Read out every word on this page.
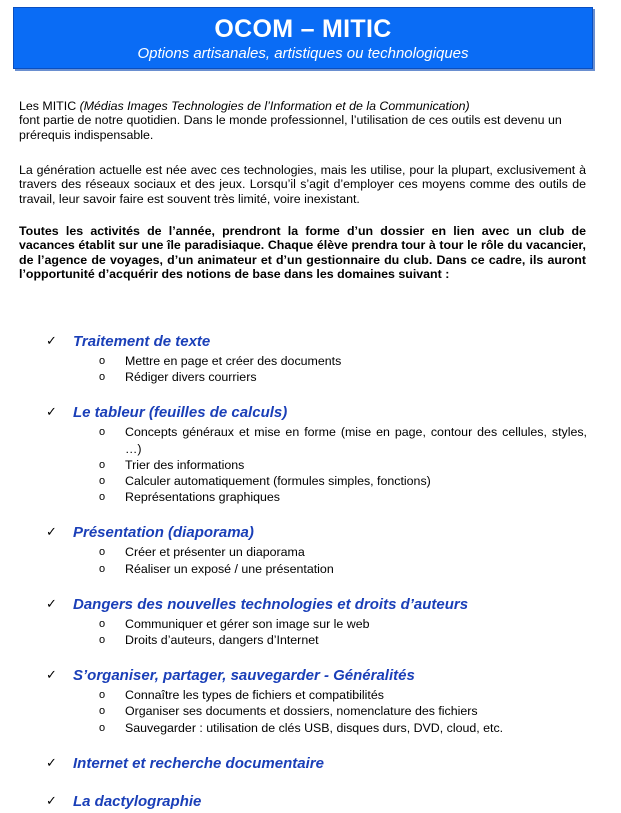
OCOM – MITIC
Options artisanales, artistiques ou technologiques
Les MITIC (Médias Images Technologies de l’Information et de la Communication)
font partie de notre quotidien. Dans le monde professionnel, l’utilisation de ces outils est devenu un prérequis indispensable.
La génération actuelle est née avec ces technologies, mais les utilise, pour la plupart, exclusivement à travers des réseaux sociaux et des jeux. Lorsqu’il s’agit d’employer ces moyens comme des outils de travail, leur savoir faire est souvent très limité, voire inexistant.
Toutes les activités de l’année, prendront la forme d’un dossier en lien avec un club de vacances établit sur une île paradisiaque. Chaque élève prendra tour à tour le rôle du vacancier, de l’agence de voyages, d’un animateur et d’un gestionnaire du club. Dans ce cadre, ils auront l’opportunité d’acquérir des notions de base dans les domaines suivant :
✓ Traitement de texte
o Mettre en page et créer des documents
o Rédiger divers courriers
✓ Le tableur (feuilles de calculs)
o Concepts généraux et mise en forme (mise en page, contour des cellules, styles, …)
o Trier des informations
o Calculer automatiquement (formules simples, fonctions)
o Représentations graphiques
✓ Présentation (diaporama)
o Créer et présenter un diaporama
o Réaliser un exposé / une présentation
✓ Dangers des nouvelles technologies et droits d’auteurs
o Communiquer et gérer son image sur le web
o Droits d’auteurs, dangers d’Internet
✓ S’organiser, partager, sauvegarder - Généralités
o Connaître les types de fichiers et compatibilités
o Organiser ses documents et dossiers, nomenclature des fichiers
o Sauvegarder : utilisation de clés USB, disques durs, DVD, cloud, etc.
✓ Internet et recherche documentaire
✓ La dactylographie
